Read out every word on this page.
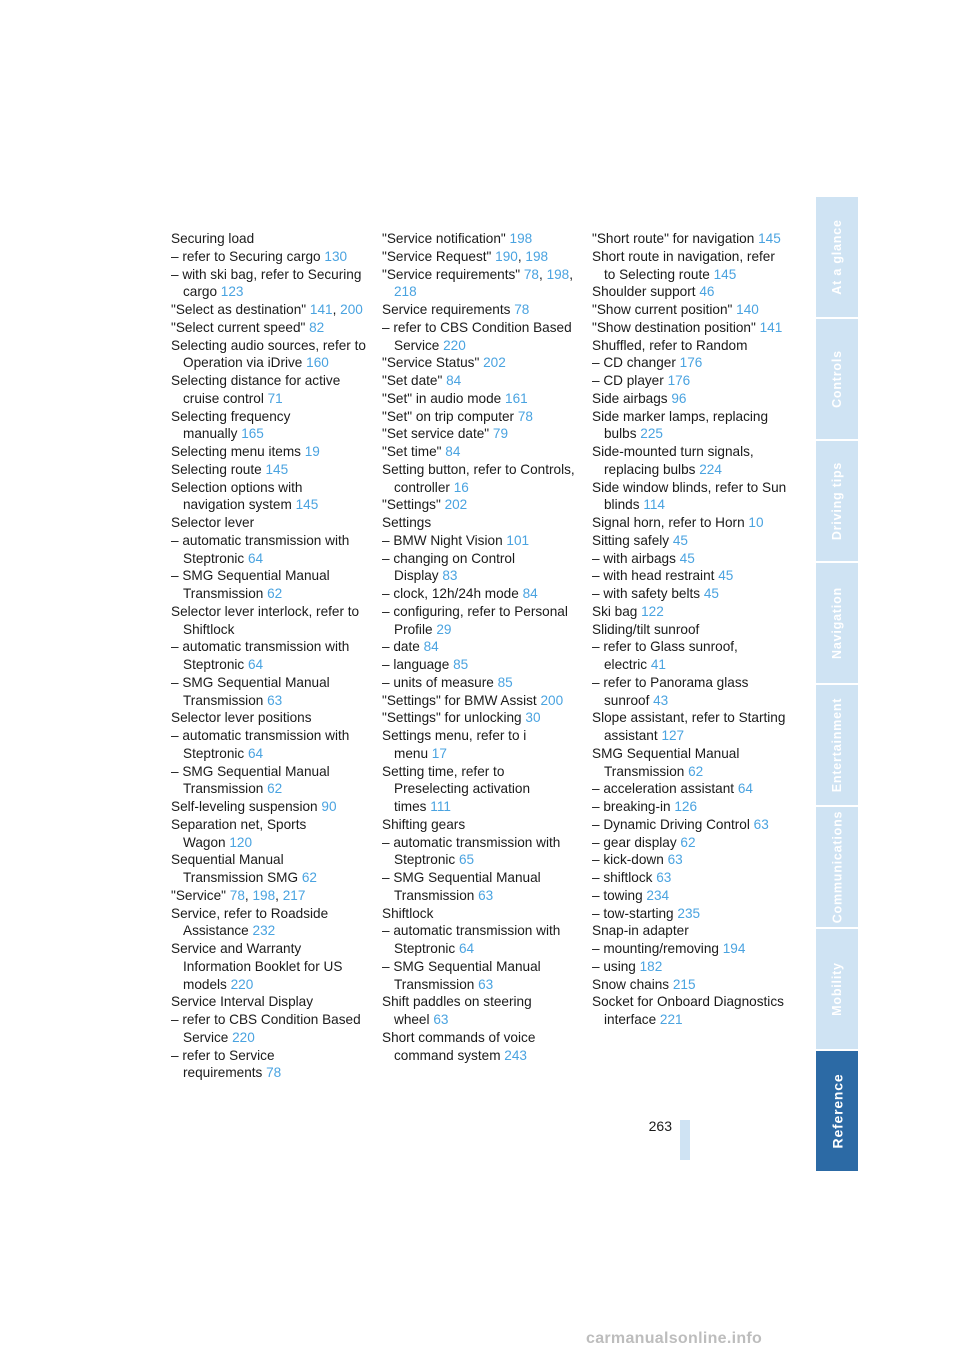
Securing load
– refer to Securing cargo 130
– with ski bag, refer to Securing cargo 123
"Select as destination" 141, 200
"Select current speed" 82
Selecting audio sources, refer to Operation via iDrive 160
Selecting distance for active cruise control 71
Selecting frequency manually 165
Selecting menu items 19
Selecting route 145
Selection options with navigation system 145
Selector lever
– automatic transmission with Steptronic 64
– SMG Sequential Manual Transmission 62
Selector lever interlock, refer to Shiftlock
– automatic transmission with Steptronic 64
– SMG Sequential Manual Transmission 63
Selector lever positions
– automatic transmission with Steptronic 64
– SMG Sequential Manual Transmission 62
Self-leveling suspension 90
Separation net, Sports Wagon 120
Sequential Manual Transmission SMG 62
"Service" 78, 198, 217
Service, refer to Roadside Assistance 232
Service and Warranty Information Booklet for US models 220
Service Interval Display
– refer to CBS Condition Based Service 220
– refer to Service requirements 78
"Service notification" 198
"Service Request" 190, 198
"Service requirements" 78, 198, 218
Service requirements 78
– refer to CBS Condition Based Service 220
"Service Status" 202
"Set date" 84
"Set" in audio mode 161
"Set" on trip computer 78
"Set service date" 79
"Set time" 84
Setting button, refer to Controls, controller 16
"Settings" 202
Settings
– BMW Night Vision 101
– changing on Control Display 83
– clock, 12h/24h mode 84
– configuring, refer to Personal Profile 29
– date 84
– language 85
– units of measure 85
"Settings" for BMW Assist 200
"Settings" for unlocking 30
Settings menu, refer to i menu 17
Setting time, refer to Preselecting activation times 111
Shifting gears
– automatic transmission with Steptronic 65
– SMG Sequential Manual Transmission 63
Shiftlock
– automatic transmission with Steptronic 64
– SMG Sequential Manual Transmission 63
Shift paddles on steering wheel 63
Short commands of voice command system 243
"Short route" for navigation 145
Short route in navigation, refer to Selecting route 145
Shoulder support 46
"Show current position" 140
"Show destination position" 141
Shuffled, refer to Random
– CD changer 176
– CD player 176
Side airbags 96
Side marker lamps, replacing bulbs 225
Side-mounted turn signals, replacing bulbs 224
Side window blinds, refer to Sun blinds 114
Signal horn, refer to Horn 10
Sitting safely 45
– with airbags 45
– with head restraint 45
– with safety belts 45
Ski bag 122
Sliding/tilt sunroof
– refer to Glass sunroof, electric 41
– refer to Panorama glass sunroof 43
Slope assistant, refer to Starting assistant 127
SMG Sequential Manual Transmission 62
– acceleration assistant 64
– breaking-in 126
– Dynamic Driving Control 63
– gear display 62
– kick-down 63
– shiftlock 63
– towing 234
– tow-starting 235
Snap-in adapter
– mounting/removing 194
– using 182
Snow chains 215
Socket for Onboard Diagnostics interface 221
263
At a glance
Controls
Driving tips
Navigation
Entertainment
Communications
Mobility
Reference
carmanualsonline.info
